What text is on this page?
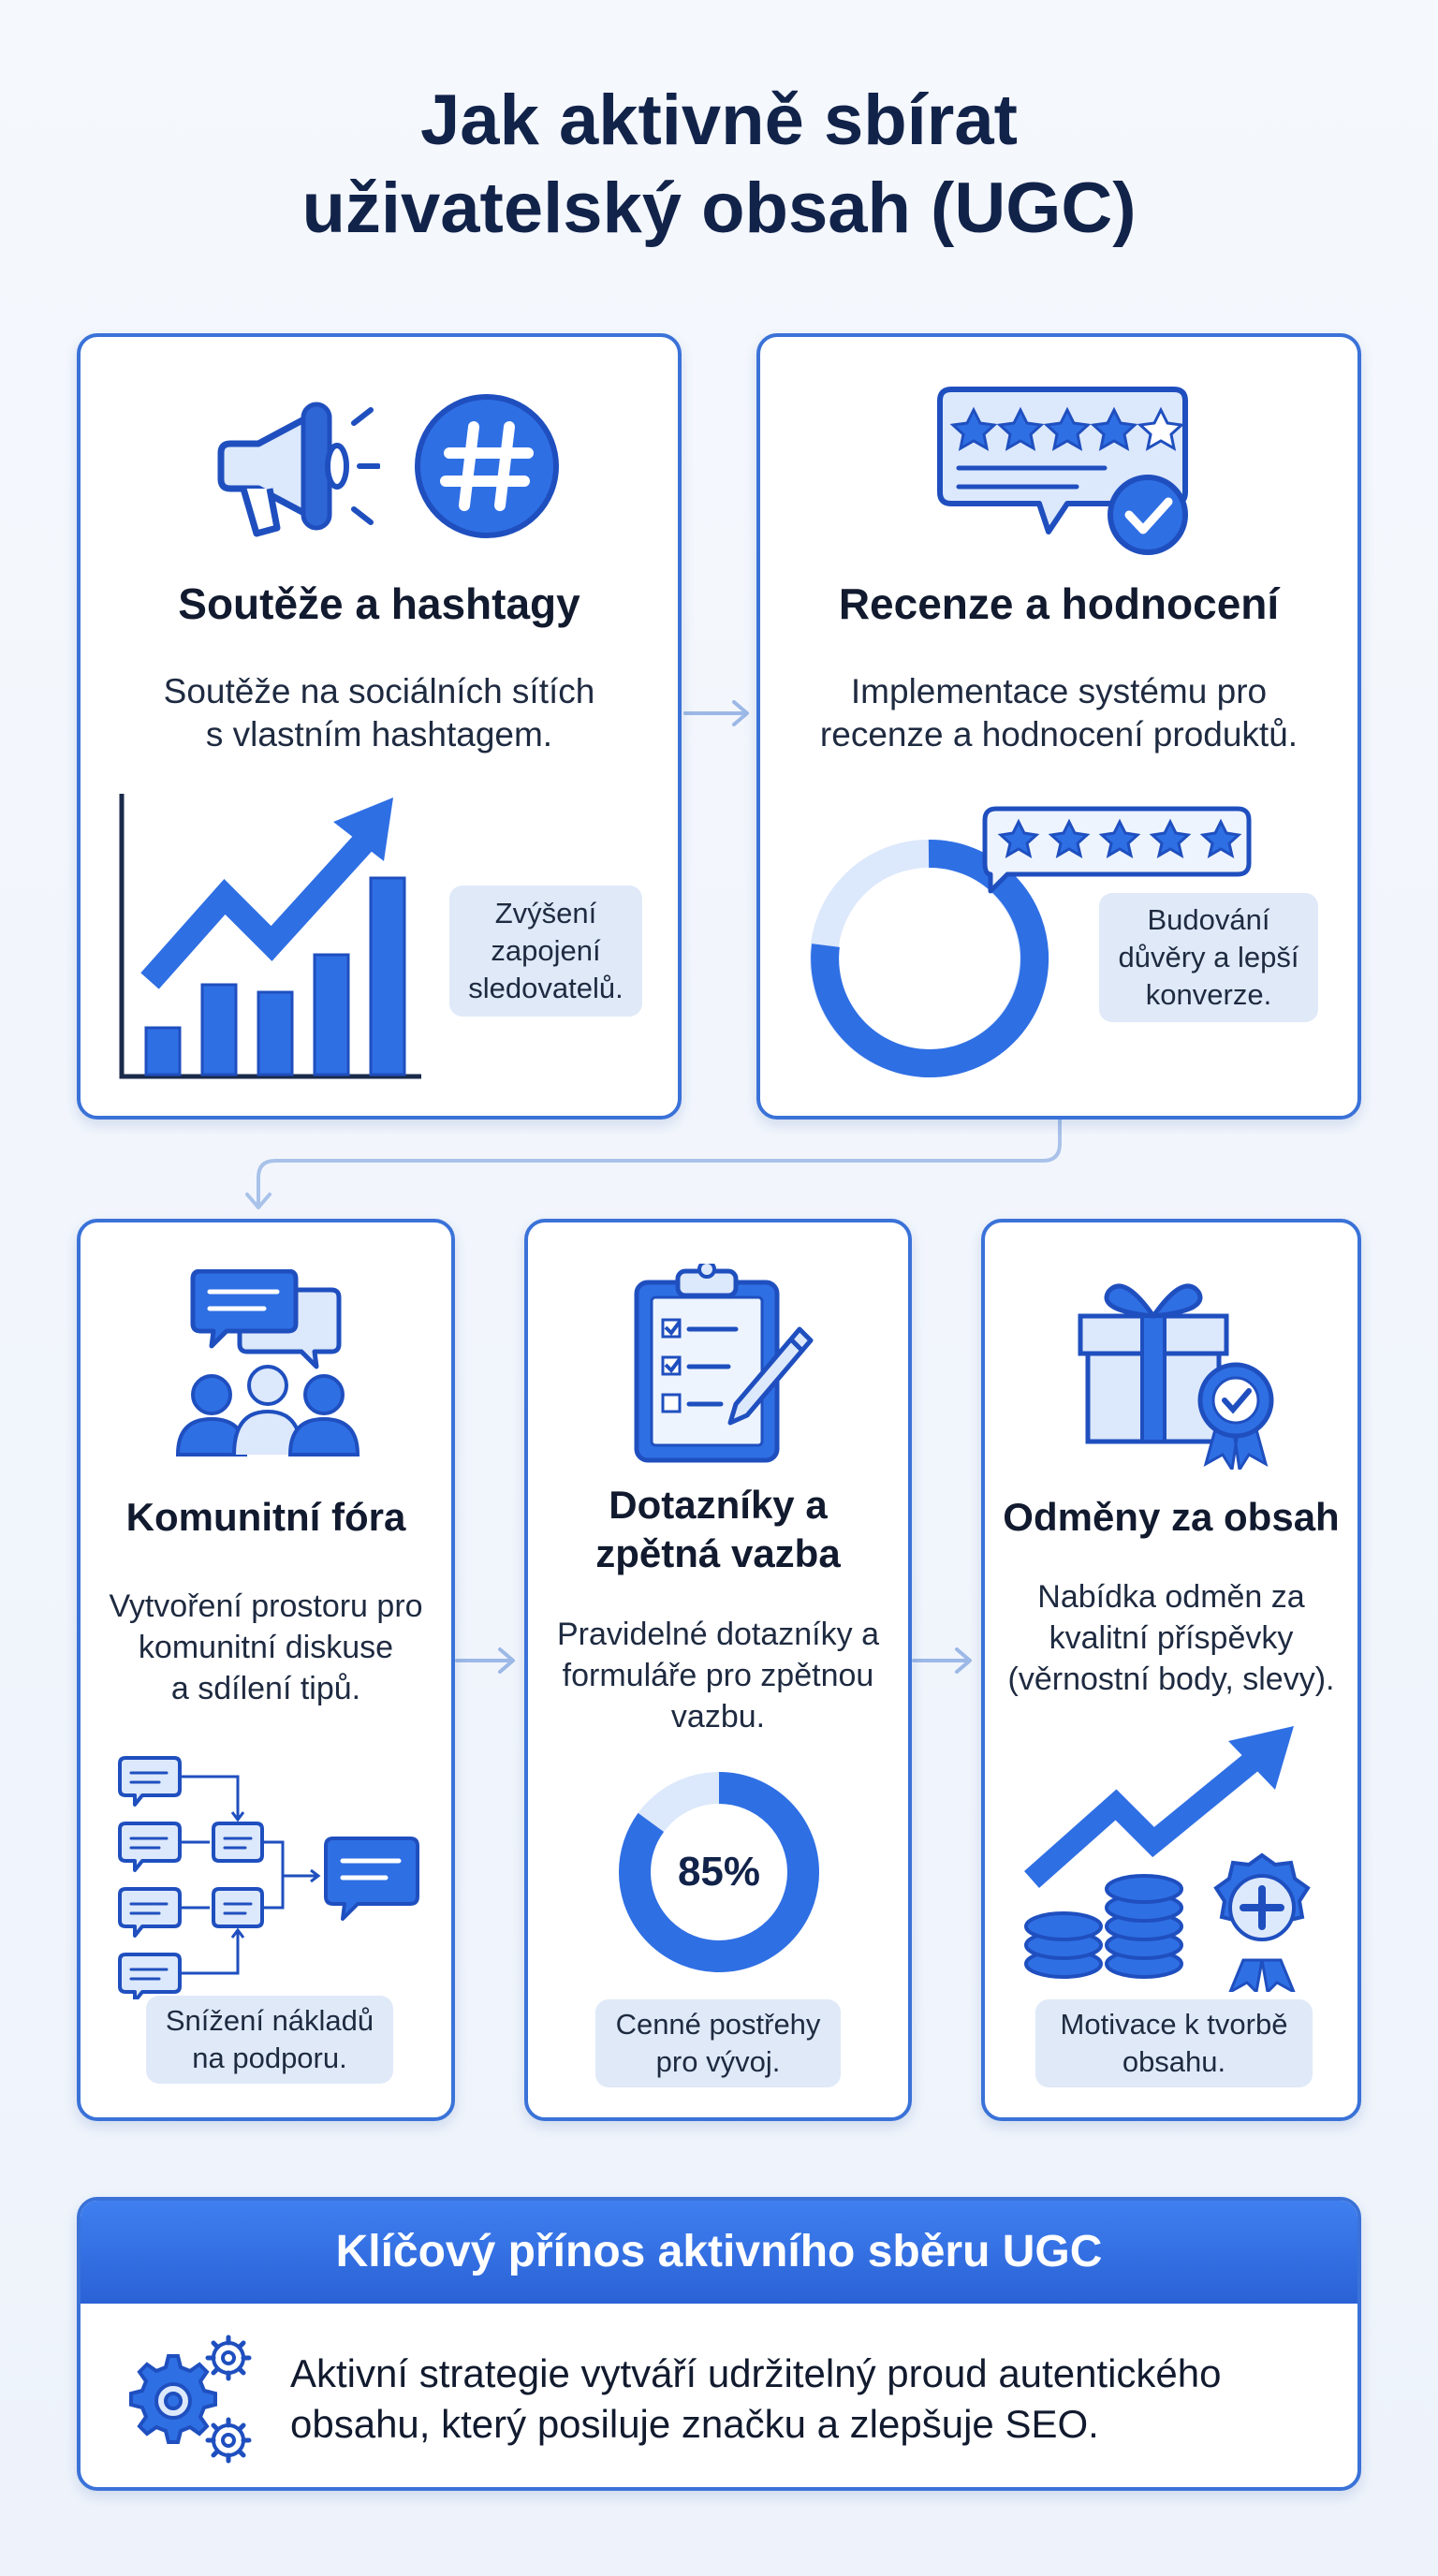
Jak aktivně sbírat
uživatelský obsah (UGC)
Soutěže a hashtagy

Soutěže na sociálních sítích
s vlastním hashtagem.

Zvýšení
zapojení
sledovatelů.
Recenze a hodnocení

Implementace systému pro
recenze a hodnocení produktů.

Budování
důvěry a lepší
konverze.
Komunitní fóra

Vytvoření prostoru pro
komunitní diskuse
a sdílení tipů.

Snížení nákladů
na podporu.
Dotazníky a
zpětná vazba

Pravidelné dotazníky a
formuláře pro zpětnou
vazbu.

85%
Cenné postřehy
pro vývoj.
Odměny za obsah

Nabídka odměn za
kvalitní příspěvky
(věrnostní body, slevy).

Motivace k tvorbě
obsahu.
Klíčový přínos aktivního sběru UGC
Aktivní strategie vytváří udržitelný proud autentického
obsahu, který posiluje značku a zlepšuje SEO.
